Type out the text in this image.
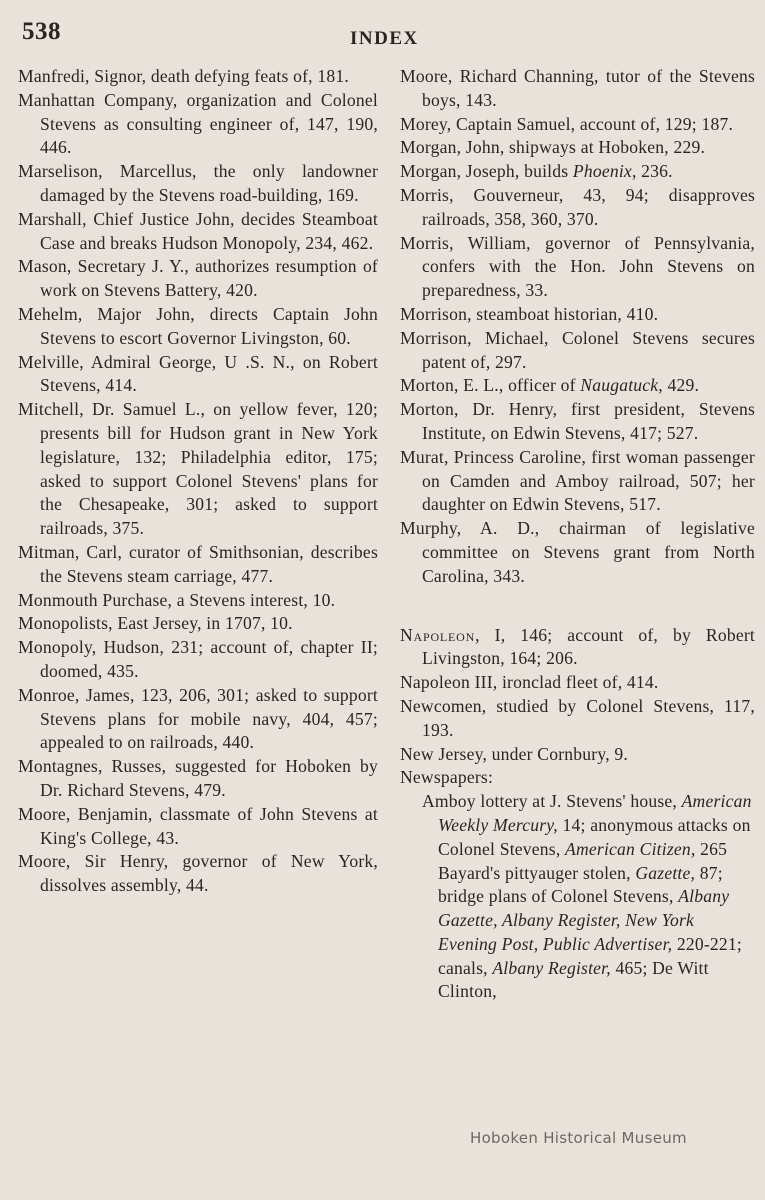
538	INDEX
Manfredi, Signor, death defying feats of, 181.
Manhattan Company, organization and Colonel Stevens as consulting engineer of, 147, 190, 446.
Marselison, Marcellus, the only landowner damaged by the Stevens road-building, 169.
Marshall, Chief Justice John, decides Steamboat Case and breaks Hudson Monopoly, 234, 462.
Mason, Secretary J. Y., authorizes resumption of work on Stevens Battery, 420.
Mehelm, Major John, directs Captain John Stevens to escort Governor Livingston, 60.
Melville, Admiral George, U .S. N., on Robert Stevens, 414.
Mitchell, Dr. Samuel L., on yellow fever, 120; presents bill for Hudson grant in New York legislature, 132; Philadelphia editor, 175; asked to support Colonel Stevens' plans for the Chesapeake, 301; asked to support railroads, 375.
Mitman, Carl, curator of Smithsonian, describes the Stevens steam carriage, 477.
Monmouth Purchase, a Stevens interest, 10.
Monopolists, East Jersey, in 1707, 10.
Monopoly, Hudson, 231; account of, chapter II; doomed, 435.
Monroe, James, 123, 206, 301; asked to support Stevens plans for mobile navy, 404, 457; appealed to on railroads, 440.
Montagnes, Russes, suggested for Hoboken by Dr. Richard Stevens, 479.
Moore, Benjamin, classmate of John Stevens at King's College, 43.
Moore, Sir Henry, governor of New York, dissolves assembly, 44.
Moore, Richard Channing, tutor of the Stevens boys, 143.
Morey, Captain Samuel, account of, 129; 187.
Morgan, John, shipways at Hoboken, 229.
Morgan, Joseph, builds Phoenix, 236.
Morris, Gouverneur, 43, 94; disapproves railroads, 358, 360, 370.
Morris, William, governor of Pennsylvania, confers with the Hon. John Stevens on preparedness, 33.
Morrison, steamboat historian, 410.
Morrison, Michael, Colonel Stevens secures patent of, 297.
Morton, E. L., officer of Naugatuck, 429.
Morton, Dr. Henry, first president, Stevens Institute, on Edwin Stevens, 417; 527.
Murat, Princess Caroline, first woman passenger on Camden and Amboy railroad, 507; her daughter on Edwin Stevens, 517.
Murphy, A. D., chairman of legislative committee on Stevens grant from North Carolina, 343.
Napoleon, I, 146; account of, by Robert Livingston, 164; 206.
Napoleon III, ironclad fleet of, 414.
Newcomen, studied by Colonel Stevens, 117, 193.
New Jersey, under Cornbury, 9.
Newspapers:
Amboy lottery at J. Stevens' house, American Weekly Mercury, 14; anonymous attacks on Colonel Stevens, American Citizen, 265 Bayard's pittyauger stolen, Gazette, 87; bridge plans of Colonel Stevens, Albany Gazette, Albany Register, New York Evening Post, Public Advertiser, 220-221; canals, Albany Register, 465; De Witt Clinton,
Hoboken Historical Museum
